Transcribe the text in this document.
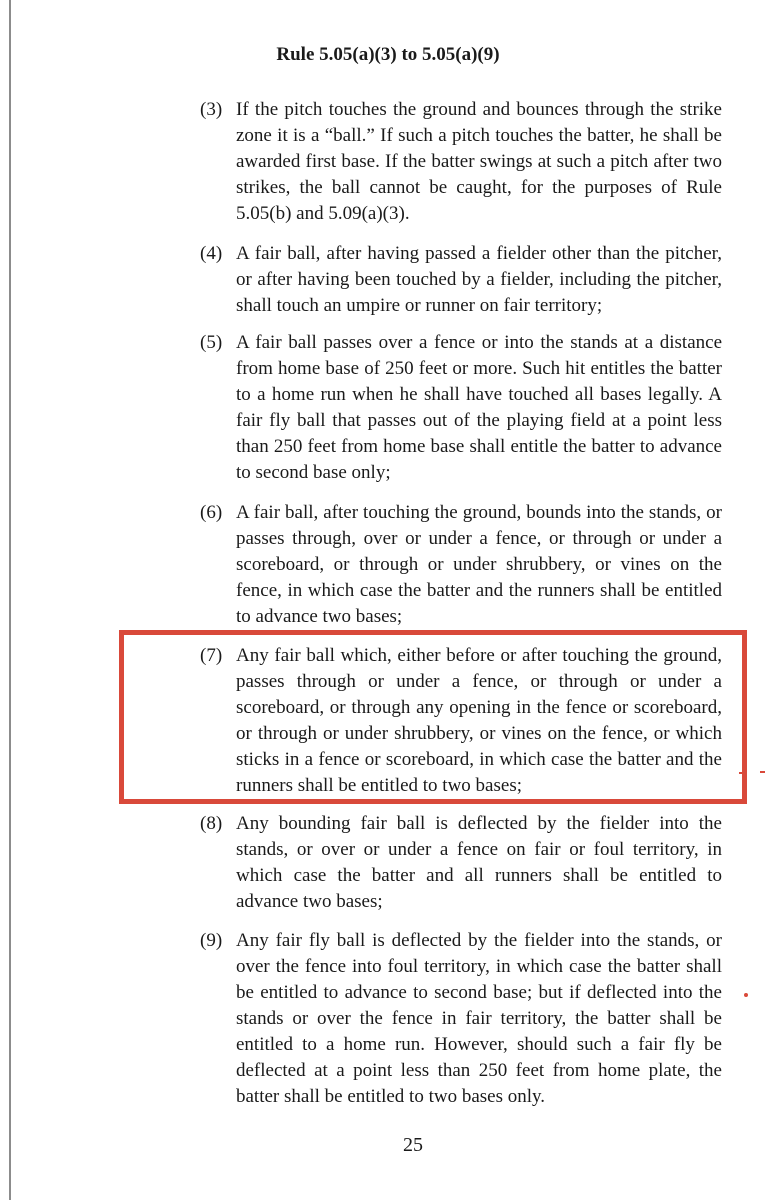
Rule 5.05(a)(3) to 5.05(a)(9)
(3) If the pitch touches the ground and bounces through the strike zone it is a “ball.” If such a pitch touches the batter, he shall be awarded first base. If the batter swings at such a pitch after two strikes, the ball cannot be caught, for the purposes of Rule 5.05(b) and 5.09(a)(3).
(4) A fair ball, after having passed a fielder other than the pitcher, or after having been touched by a fielder, including the pitcher, shall touch an umpire or runner on fair territory;
(5) A fair ball passes over a fence or into the stands at a distance from home base of 250 feet or more. Such hit entitles the batter to a home run when he shall have touched all bases legally. A fair fly ball that passes out of the playing field at a point less than 250 feet from home base shall entitle the batter to advance to second base only;
(6) A fair ball, after touching the ground, bounds into the stands, or passes through, over or under a fence, or through or under a scoreboard, or through or under shrubbery, or vines on the fence, in which case the batter and the runners shall be entitled to advance two bases;
(7) Any fair ball which, either before or after touching the ground, passes through or under a fence, or through or under a scoreboard, or through any opening in the fence or scoreboard, or through or under shrubbery, or vines on the fence, or which sticks in a fence or scoreboard, in which case the batter and the runners shall be entitled to two bases;
(8) Any bounding fair ball is deflected by the fielder into the stands, or over or under a fence on fair or foul territory, in which case the batter and all runners shall be entitled to advance two bases;
(9) Any fair fly ball is deflected by the fielder into the stands, or over the fence into foul territory, in which case the batter shall be entitled to advance to second base; but if deflected into the stands or over the fence in fair territory, the batter shall be entitled to a home run. However, should such a fair fly be deflected at a point less than 250 feet from home plate, the batter shall be entitled to two bases only.
25
